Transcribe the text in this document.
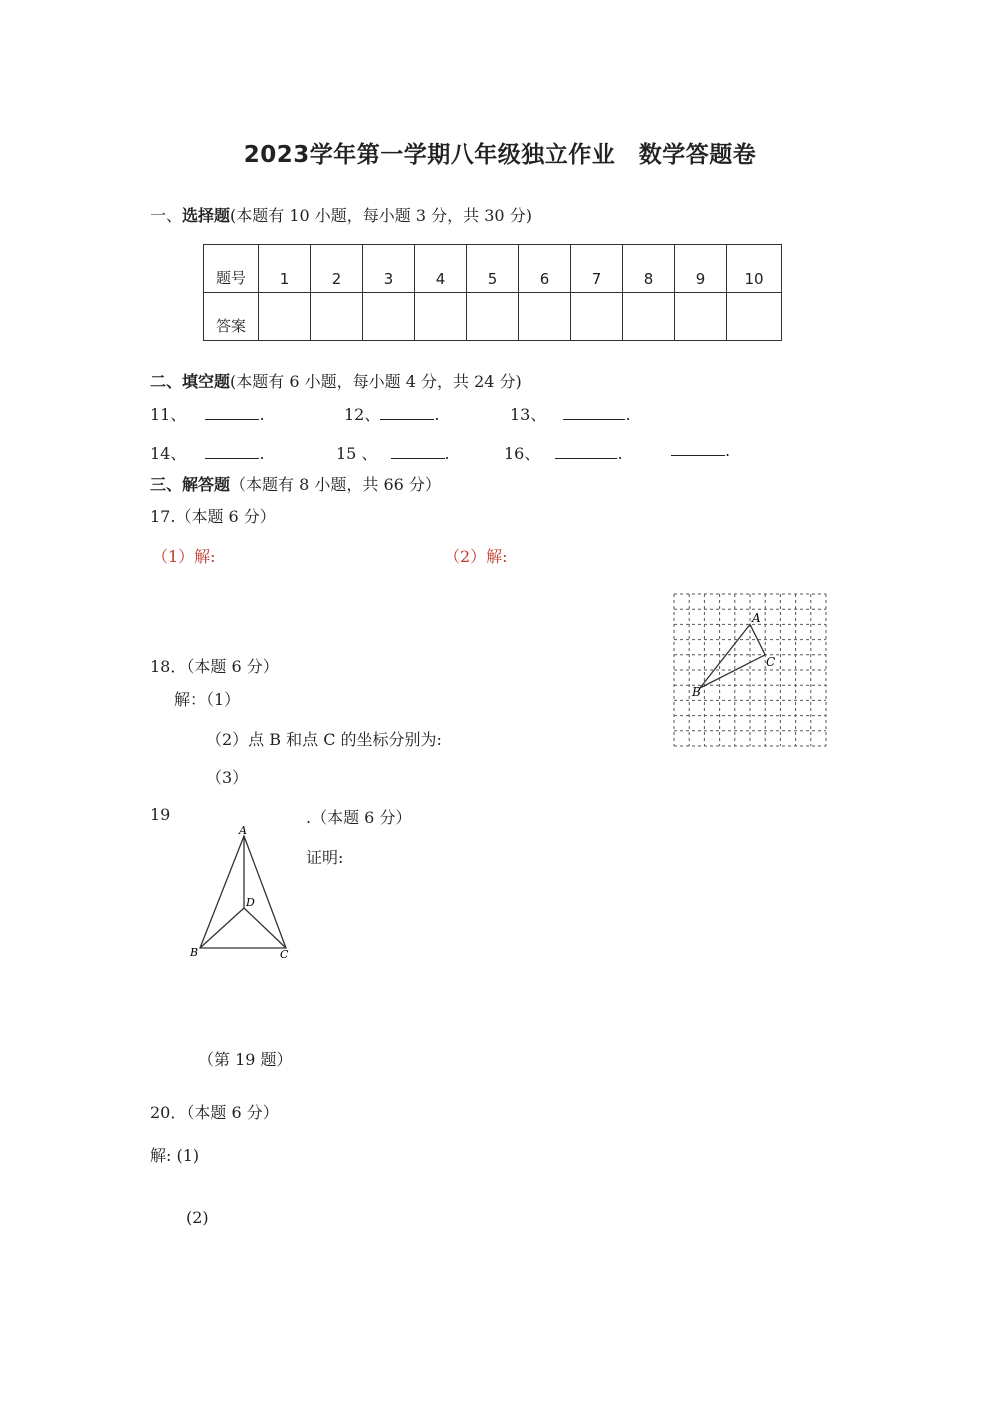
2023学年第一学期八年级独立作业　数学答题卷
一、选择题(本题有 10 小题，每小题 3 分，共 30 分)
题号	1	2	3	4	5	6	7	8	9	10
答案										
二、填空题(本题有 6 小题，每小题 4 分，共 24 分)
11、	.	12、	.	13、	.
14、	.	15 、	.	16、	.	.
三、解答题（本题有 8 小题，共 66 分）
17.（本题 6 分）
（1）解:	（2）解:
A
C
B
18．（本题 6 分）
解：（1）
（2）点 B 和点 C 的坐标分别为:
（3）
19	.（本题 6 分）
证明:
A
D
B	C
（第 19 题）
20．（本题 6 分）
解: (1)
(2)
